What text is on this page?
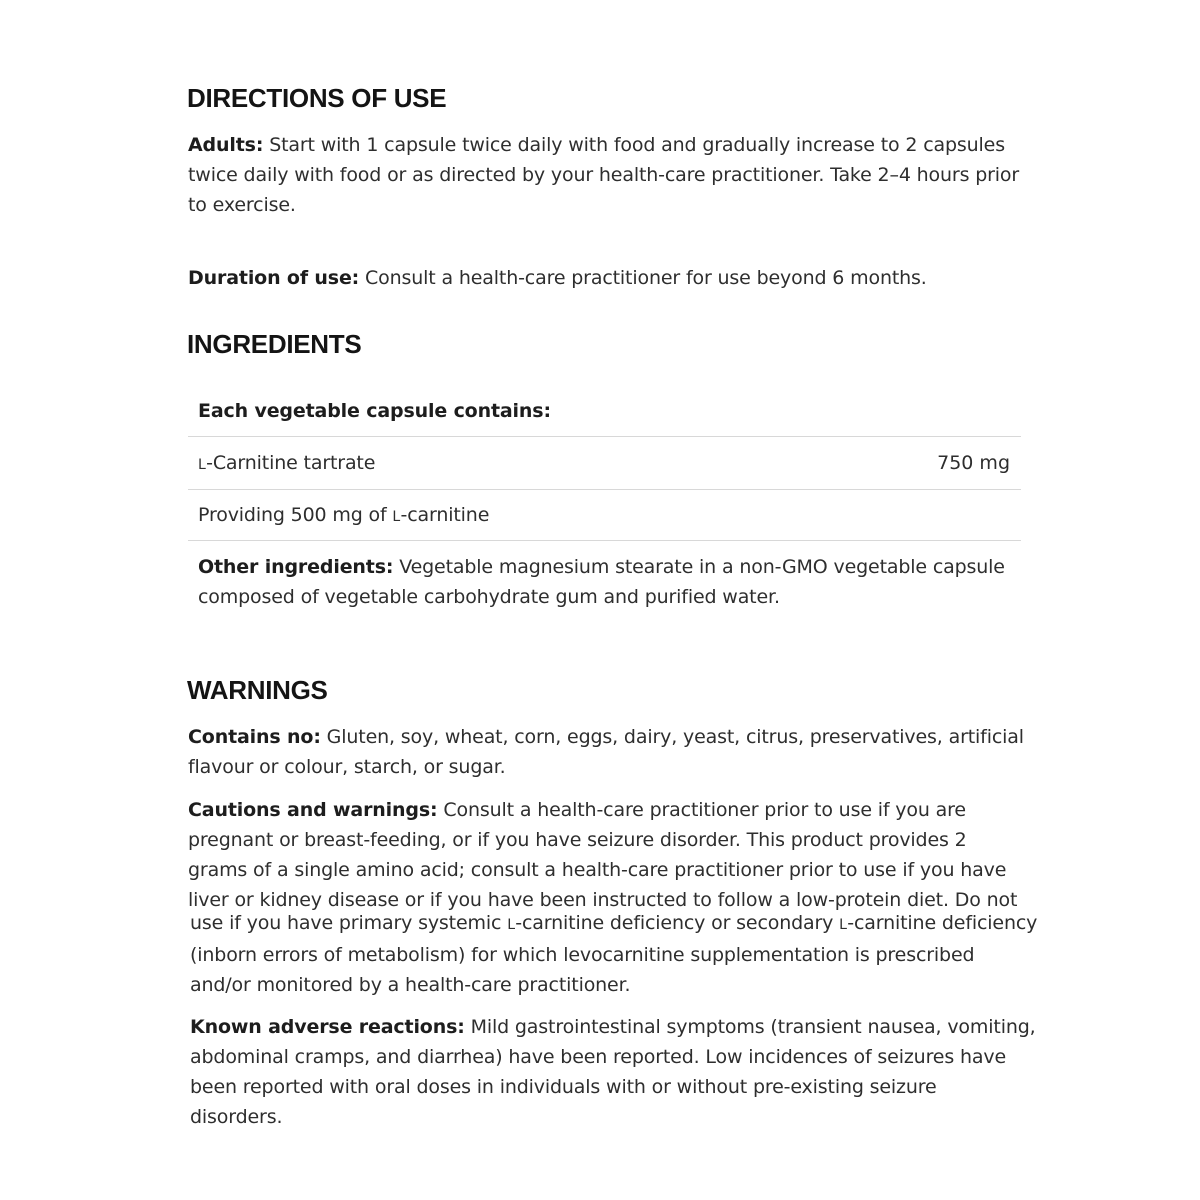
DIRECTIONS OF USE

Adults: Start with 1 capsule twice daily with food and gradually increase to 2 capsules
twice daily with food or as directed by your health-care practitioner. Take 2–4 hours prior
to exercise.

Duration of use: Consult a health-care practitioner for use beyond 6 months.

INGREDIENTS

Each vegetable capsule contains:

L-Carnitine tartrate	750 mg

Providing 500 mg of L-carnitine

Other ingredients: Vegetable magnesium stearate in a non-GMO vegetable capsule
composed of vegetable carbohydrate gum and purified water.

WARNINGS

Contains no: Gluten, soy, wheat, corn, eggs, dairy, yeast, citrus, preservatives, artificial
flavour or colour, starch, or sugar.

Cautions and warnings: Consult a health-care practitioner prior to use if you are
pregnant or breast-feeding, or if you have seizure disorder. This product provides 2
grams of a single amino acid; consult a health-care practitioner prior to use if you have
liver or kidney disease or if you have been instructed to follow a low-protein diet. Do not

use if you have primary systemic L-carnitine deficiency or secondary L-carnitine deficiency
(inborn errors of metabolism) for which levocarnitine supplementation is prescribed
and/or monitored by a health-care practitioner.

Known adverse reactions: Mild gastrointestinal symptoms (transient nausea, vomiting,
abdominal cramps, and diarrhea) have been reported. Low incidences of seizures have
been reported with oral doses in individuals with or without pre-existing seizure
disorders.
